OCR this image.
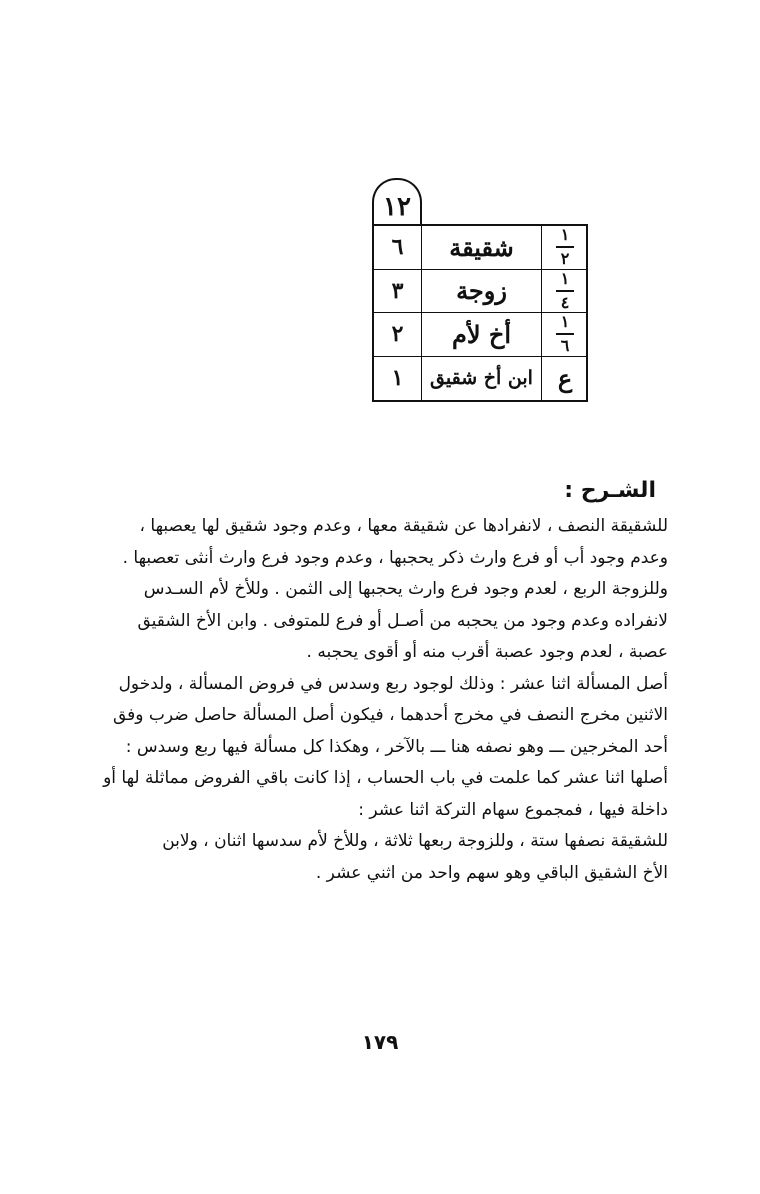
١٢
٦	شقيقة	$\frac{١}{٢}$
٣	زوجة	$\frac{١}{٤}$
٢	أخ لأم	$\frac{١}{٦}$
١	ابن أخ شقيق	ع
الشـرح :
للشقيقة النصف ، لانفرادها عن شقيقة معها ، وعدم وجود شقيق لها يعصبها ،
وعدم وجود أب أو فرع وارث ذكر يحجبها ، وعدم وجود فرع وارث أنثى تعصبها .
وللزوجة الربع ، لعدم وجود فرع وارث يحجبها إلى الثمن . وللأخ لأم السـدس
لانفراده وعدم وجود من يحجبه من أصـل أو فرع للمتوفى . وابن الأخ الشقيق
عصبة ، لعدم وجود عصبة أقرب منه أو أقوى يحجبه .
أصل المسألة اثنا عشر : وذلك لوجود ربع وسدس في فروض المسألة ، ولدخول
الاثنين مخرج النصف في مخرج أحدهما ، فيكون أصل المسألة حاصل ضرب وفق
أحد المخرجين ـــ وهو نصفه هنا ـــ بالآخر ، وهكذا كل مسألة فيها ربع وسدس :
أصلها اثنا عشر كما علمت في باب الحساب ، إذا كانت باقي الفروض مماثلة لها أو
داخلة فيها ، فمجموع سهام التركة اثنا عشر :
للشقيقة نصفها ستة ، وللزوجة ربعها ثلاثة ، وللأخ لأم سدسها اثنان ، ولابن
الأخ الشقيق الباقي وهو سهم واحد من اثني عشر .
١٧٩
